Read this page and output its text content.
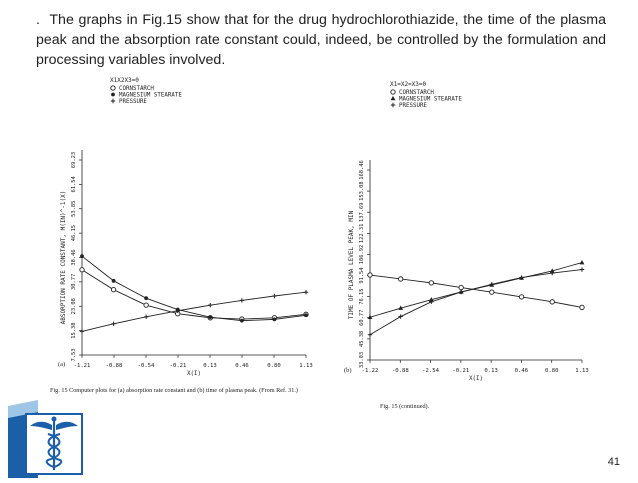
. The graphs in Fig.15 show that for the drug hydrochlorothiazide, the time of the plasma peak and the absorption rate constant could, indeed, be controlled by the formulation and processing variables involved.

-1.21	-0.88	-0.54	-0.21	0.13	0.46	0.80	1.13
X(I)
7.53
15.38
23.08
30.77
38.46
46.15
53.85
61.54
69.23
ABSORPTION RATE CONSTANT, M(IN)^-1(X)
X1X2X3=0
CORNSTARCH
MAGNESIUM STEARATE
PRESSURE
(a)
Fig. 15 Computer plots for (a) absorption rate constant and (b) time of plasma peak. (From Ref. 31.)
-1.22 -0.88 -2.54 -0.21	0.13	0.46	0.80	1.13
X(I)
33.03
45.38
60.77
76.15
91.54
106.92
122.31
137.69
153.08
168.46
TIME OF PLASMA LEVEL PEAK, MIN
X1=X2=X3=0
CORNSTARCH
MAGNESIUM STEARATE
PRESSURE
(b)
Fig. 15 (continued).
41
